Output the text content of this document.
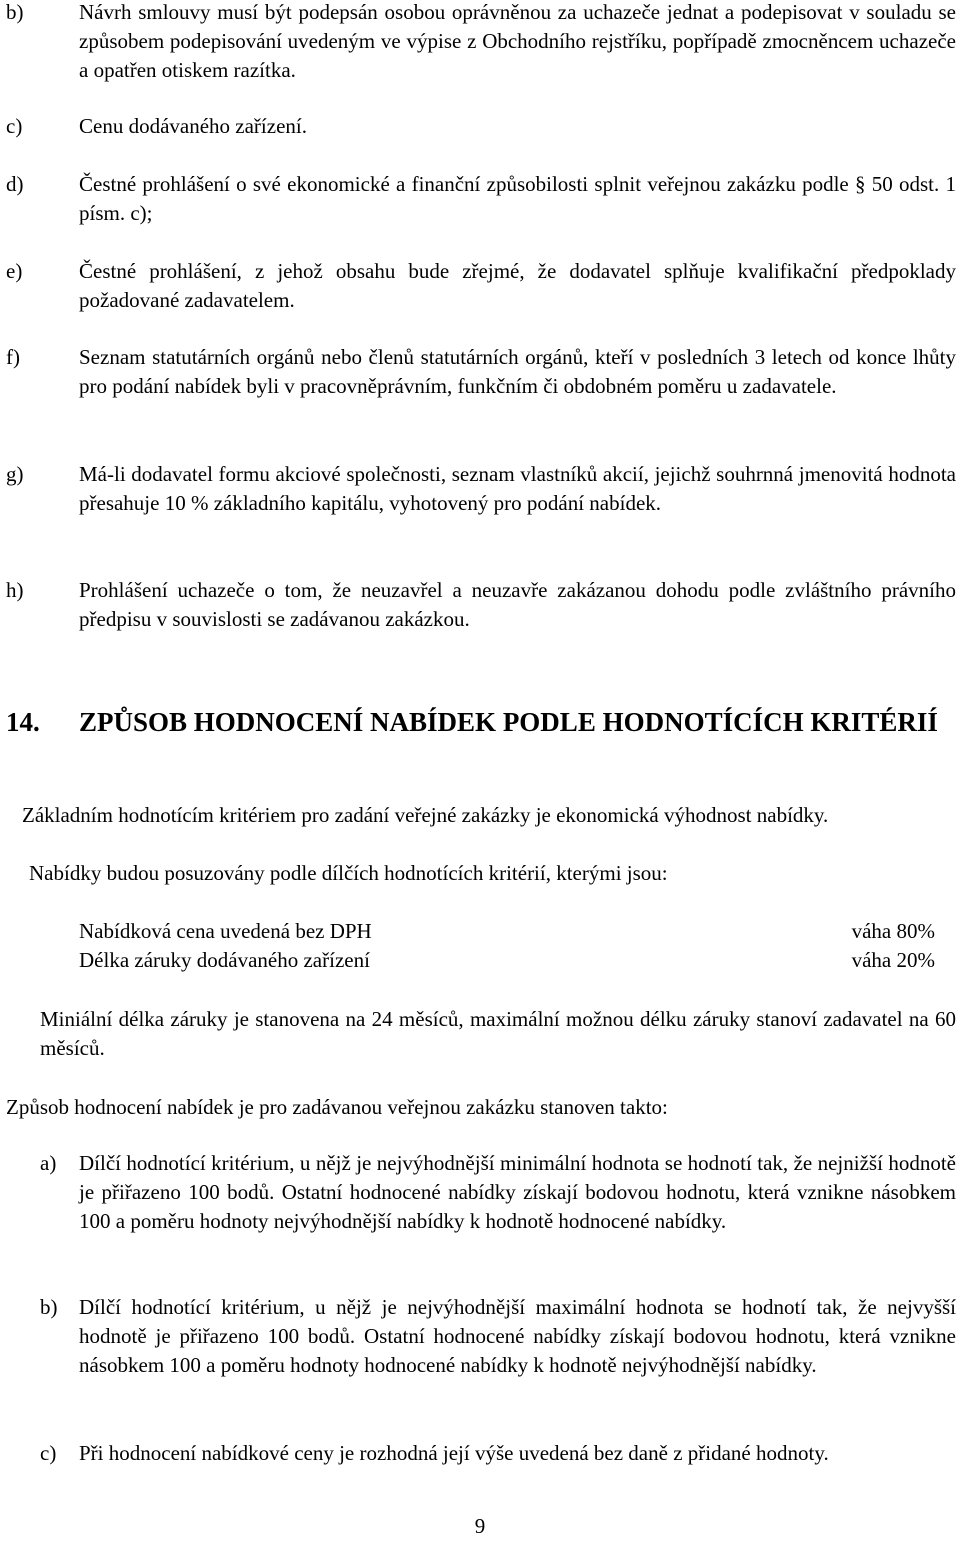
b)	Návrh smlouvy musí být podepsán osobou oprávněnou za uchazeče jednat a podepisovat v souladu se způsobem podepisování uvedeným ve výpise z Obchodního rejstříku, popřípadě zmocněncem uchazeče a opatřen otiskem razítka.
c)	Cenu dodávaného zařízení.
d)	Čestné prohlášení o své ekonomické a finanční způsobilosti splnit veřejnou zakázku podle § 50 odst. 1 písm. c);
e)	Čestné prohlášení, z jehož obsahu bude zřejmé, že dodavatel splňuje kvalifikační předpoklady požadované zadavatelem.
f)	Seznam statutárních orgánů nebo členů statutárních orgánů, kteří v posledních 3 letech od konce lhůty pro podání nabídek byli v pracovněprávním, funkčním či obdobném poměru u zadavatele.
g)	Má-li dodavatel formu akciové společnosti, seznam vlastníků akcií, jejichž souhrnná jmenovitá hodnota přesahuje 10 % základního kapitálu, vyhotovený pro podání nabídek.
h)	Prohlášení uchazeče o tom, že neuzavřel a neuzavře zakázanou dohodu podle zvláštního právního předpisu v souvislosti se zadávanou zakázkou.
14. ZPŮSOB HODNOCENÍ NABÍDEK PODLE HODNOTÍCÍCH KRITÉRIÍ
Základním hodnotícím kritériem pro zadání veřejné zakázky je ekonomická výhodnost nabídky.
Nabídky budou posuzovány podle dílčích hodnotících kritérií, kterými jsou:
Nabídková cena uvedená bez DPH	váha 80%
Délka záruky dodávaného zařízení	váha 20%
Miniální délka záruky je stanovena na 24 měsíců, maximální možnou délku záruky stanoví zadavatel na 60 měsíců.
Způsob hodnocení nabídek je pro zadávanou veřejnou zakázku stanoven takto:
a) Dílčí hodnotící kritérium, u nějž je nejvýhodnější minimální hodnota se hodnotí tak, že nejnižší hodnotě je přiřazeno 100 bodů. Ostatní hodnocené nabídky získají bodovou hodnotu, která vznikne násobkem 100 a poměru hodnoty nejvýhodnější nabídky k hodnotě hodnocené nabídky.
b) Dílčí hodnotící kritérium, u nějž je nejvýhodnější maximální hodnota se hodnotí tak, že nejvyšší hodnotě je přiřazeno 100 bodů. Ostatní hodnocené nabídky získají bodovou hodnotu, která vznikne násobkem 100 a poměru hodnoty hodnocené nabídky k hodnotě nejvýhodnější nabídky.
c) Při hodnocení nabídkové ceny je rozhodná její výše uvedená bez daně z přidané hodnoty.
9
